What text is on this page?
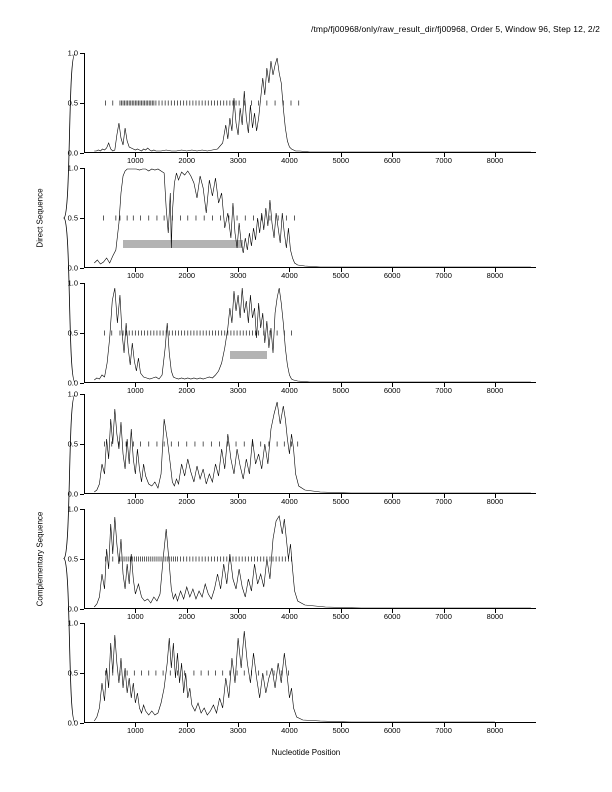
/tmp/fj00968/only/raw_result_dir/fj00968, Order 5, Window 96, Step 12, 2/2
0.0
0.5
1.0
1000	2000	3000	4000	5000	6000	7000	8000
0.0
0.5
1.0
1000	2000	3000	4000	5000	6000	7000	8000
0.0
0.5
1.0
1000	2000	3000	4000	5000	6000	7000	8000
0.0
0.5
1.0
1000	2000	3000	4000	5000	6000	7000	8000
0.0
0.5
1.0
1000	2000	3000	4000	5000	6000	7000	8000
0.0
0.5
1.0
1000	2000	3000	4000	5000	6000	7000	8000
Direct Sequence
Complementary Sequence
Nucleotide Position
